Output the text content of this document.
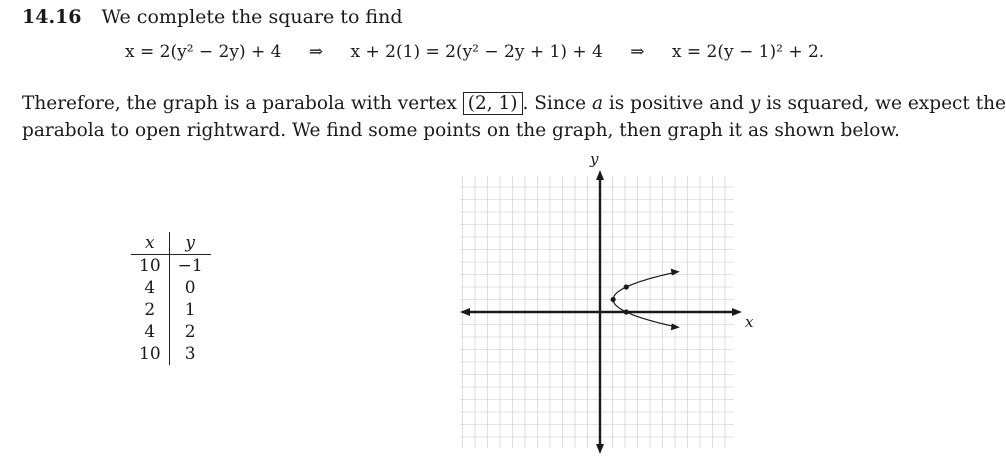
14.16 We complete the square to find
x = 2(y² − 2y) + 4 ⇒ x + 2(1) = 2(y² − 2y + 1) + 4 ⇒ x = 2(y − 1)² + 2.
Therefore, the graph is a parabola with vertex (2, 1) . Since a is positive and y is squared, we expect the
parabola to open rightward. We find some points on the graph, then graph it as shown below.
x	y
10	−1
4	0
2	1
4	2
10	3
x
y
